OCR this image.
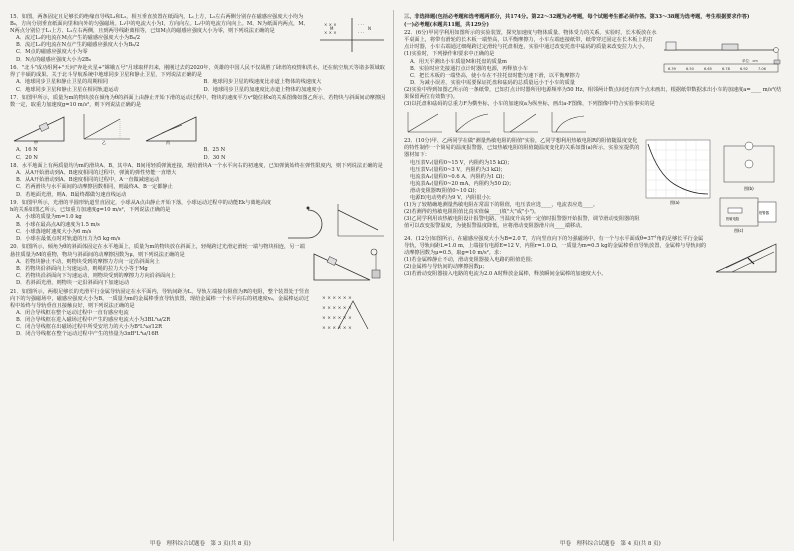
× × ×
× × ×
· · ·
· · ·
M	N
15．如图，两条固定且足够长的绝缘直导线L₁和L₂，相互垂直放置在纸面内，L₁上方，L₂左右两侧分别存在磁感应强度大小均为B₀，方向分别垂直纸面向里和向外的匀强磁场。L₁中的电流大小为I，方向向左。L₂中的电流方向向上。M、N为纸面内两点，M、N两点分别位于L₁上方、L₂左右两侧，且到两导线距离相等，已知M点的磁感应强度大小为零，则下列说法正确的是
A．流过L₂的电流在M点产生的磁感应强度大小为B₀/2
B．流过L₁的电流在N点产生的磁感应强度大小为B₀/2
C．M点的磁感应强度大小为零
D．N点的磁感应强度大小为2B₀
16．"北斗"成功组网+"天问"奔赴火星+"嫦娥五号"月球取样归来，刚刚过去的2020年，英雄的中国人民不仅战胜了肆虐的疫情和洪水，还在航空航天等诸多领域取得了丰硕的成果。关于北斗导航系统中地球同步卫星和静止卫星，下列说法正确的是
A．地球同步卫星和静止卫星的周期相同	B．地球同步卫星的线速度比赤道上物体的线速度大
C．地球同步卫星和静止卫星在相同轨道运动	D．地球同步卫星的加速度比赤道上物体的加速度小
17．如图甲所示，质量为m的物块放在倾角为θ的斜面上由静止开始下滑的运动过程中，物块的速度平方v²随位移x的关系图像如图乙所示，若物块与斜面间动摩擦因数一定，取重力加速度g=10 m/s²，则下列说法正确的是
甲	乙	丙
A．16 N	B．25 N
C．20 N	D．30 N
18．水平地面上有两质量均为m的滑块A、B，其中A、B间用轻质弹簧连接，现给滑块A一个水平向右的初速度，已知弹簧始终在弹性限度内，则下列说法正确的是
A．从A开始滑动到A、B速度相同的过程中，弹簧的弹性势能一直增大
B．从A开始滑动到A、B速度相同的过程中，A一直做减速运动
C．若两滑块与水平面间的动摩擦因数相同，则最终A、B一定都静止
D．若地面光滑，则A、B最终都做匀速直线运动
19．如图甲所示，光滑的半圆形轨道竖直固定，小球从A点由静止开始下落，小球运动过程中的动能Ek与离地高度h的关系如图乙所示，已知重力加速度g=10 m/s²，下列说法正确的是
A．小球的质量为m=1.0 kg
B．小球在最高点A的速度为1.5 m/s
C．小球落地时速度大小为6 m/s
D．小球在最低点时对轨道的压力为5 kg·m/s
20．如图所示，倾角为θ的斜面体固定在水平地面上，质量为m的物块放在斜面上，轻绳跨过光滑定滑轮一端与物块相连，另一端悬挂质量为M的重物，物块与斜面间的动摩擦因数为μ，则下列说法正确的是
A．若物块静止不动，则物块受到的摩擦力方向一定沿斜面向上
B．若物块沿斜面向上匀速运动，则绳的拉力大小等于Mg
C．若物块沿斜面向下匀速运动，则物块受到的摩擦力方向沿斜面向上
D．若斜面光滑，则物块一定沿斜面向下加速运动
× × × × × ×
× × × × × ×
× × × × × ×
× × × × × ×
21．如图所示，两根足够长的光滑平行金属导轨固定在水平面内，导轨间距为L，导轨左端接有阻值为R的电阻，整个装置处于竖直向下的匀强磁场中，磁感应强度大小为B。一质量为m的金属棒垂直导轨放置，现给金属棒一个水平向右的初速度v₀，金属棒运动过程中始终与导轨垂直且接触良好，则下列说法正确的是
A．闭合导线框在整个运动过程中一直有感应电流
B．闭合导线框在进入磁场过程中产生的感应电流大小为3BL²ω/2R
C．闭合导线框在出磁场过程中所受安培力的大小为B²L³ω/12R
D．闭合导线框在整个运动过程中产生的热量为3πB²L⁴ω/16R
三、非选择题(包括必考题和选考题两部分，共174分。第22～32题为必考题，每个试题考生都必须作答。第33～38题为选考题，考生根据要求作答)
(一)必考题(本题共11题，共129分)
6.39	6.50	6.65	6.78	6.92	7.06
单位：cm
22．(6分)甲同学利用如图所示的实验装置，探究加速度与物体质量、物体受力的关系。实验时，长木板放在水平桌面上，将带有滑轮的长木板一端垫高，以平衡摩擦力，小车左端连接纸带，纸带穿过固定在长木板上的打点计时器，小车右端通过细绳跨过定滑轮与托盘相连，实验中通过改变托盘中砝码的质量来改变拉力大小。
(1)实验时，下列操作和要求中正确的是
A．用天平测出小车质量M和托盘的质量m
B．实验时应先接通打点计时器的电源，再释放小车
C．把长木板的一端垫高，使小车在不挂托盘时能匀速下滑，以平衡摩擦力
D．为减小误差，实验中需要保证托盘和砝码的总质量远小于小车的质量
(2)实验中得到如图乙所示的一条纸带，已知打点计时器所用电源频率为50 Hz，相邻两计数点间还有四个点未画出，根据纸带数据求出小车的加速度a=____ m/s²(结果保留两位有效数字)。
(3)以托盘和砝码的总重力F为横坐标，小车的加速度a为纵坐标，画出a-F图像，下列图像中符合实验事实的是
图(a)
图(b)
报警器
热敏电阻
图(c)
23．(10分)甲、乙两同学在做"测量热敏电阻的阻值"实验，乙同学想利用热敏电阻R的阻值随温度变化的特性制作一个简易的温度报警器，已知热敏电阻的阻值随温度变化的关系如图(a)所示，实验室提供的器材如下：
电压表V₁(量程0~15 V，内阻约为15 kΩ)；
电压表V₂(量程0~3 V，内阻约为3 kΩ)；
电流表A₁(量程0~0.6 A，内阻约为1 Ω)；
电流表A₂(量程0~20 mA，内阻约为50 Ω)；
滑动变阻器R(阻值0~10 Ω)；
电源E(电动势约为9 V，内阻很小)；
(1)为了较精确地测量热敏电阻在常温下的阻值，电压表应选____，电流表应选____。
(2)若测得的热敏电阻阻值比真实值偏____(填"大"或"小")。
(3)乙同学利用该热敏电阻设计报警电路，当温度升高到一定值时报警器开始报警，调节滑动变阻器的阻值可以改变报警温度，为使报警温度降低，应将滑动变阻器滑片向____端移动。
24．(12分)如图所示，在磁感应强度大小为B=2.0 T，方向竖直向下的匀强磁场中，有一个与水平面成θ=37°角的足够长平行金属导轨，导轨间距L=1.0 m，上端接有电源E=12 V，内阻r=1.0 Ω，一质量为m=0.5 kg的金属棒垂直导轨放置，金属棒与导轨间的动摩擦因数为μ=0.5，取g=10 m/s²。求：
(1)若金属棒静止不动，滑动变阻器接入电路的阻值范围；
(2)金属棒与导轨间的动摩擦因数μ；
(3)若滑动变阻器接入电路的电流为2.0 A时释放金属棒，释放瞬间金属棒的加速度大小。
甲卷　理科综合试题卷　第 3 页(共 8 页)	甲卷　理科综合试题卷　第 4 页(共 8 页)
